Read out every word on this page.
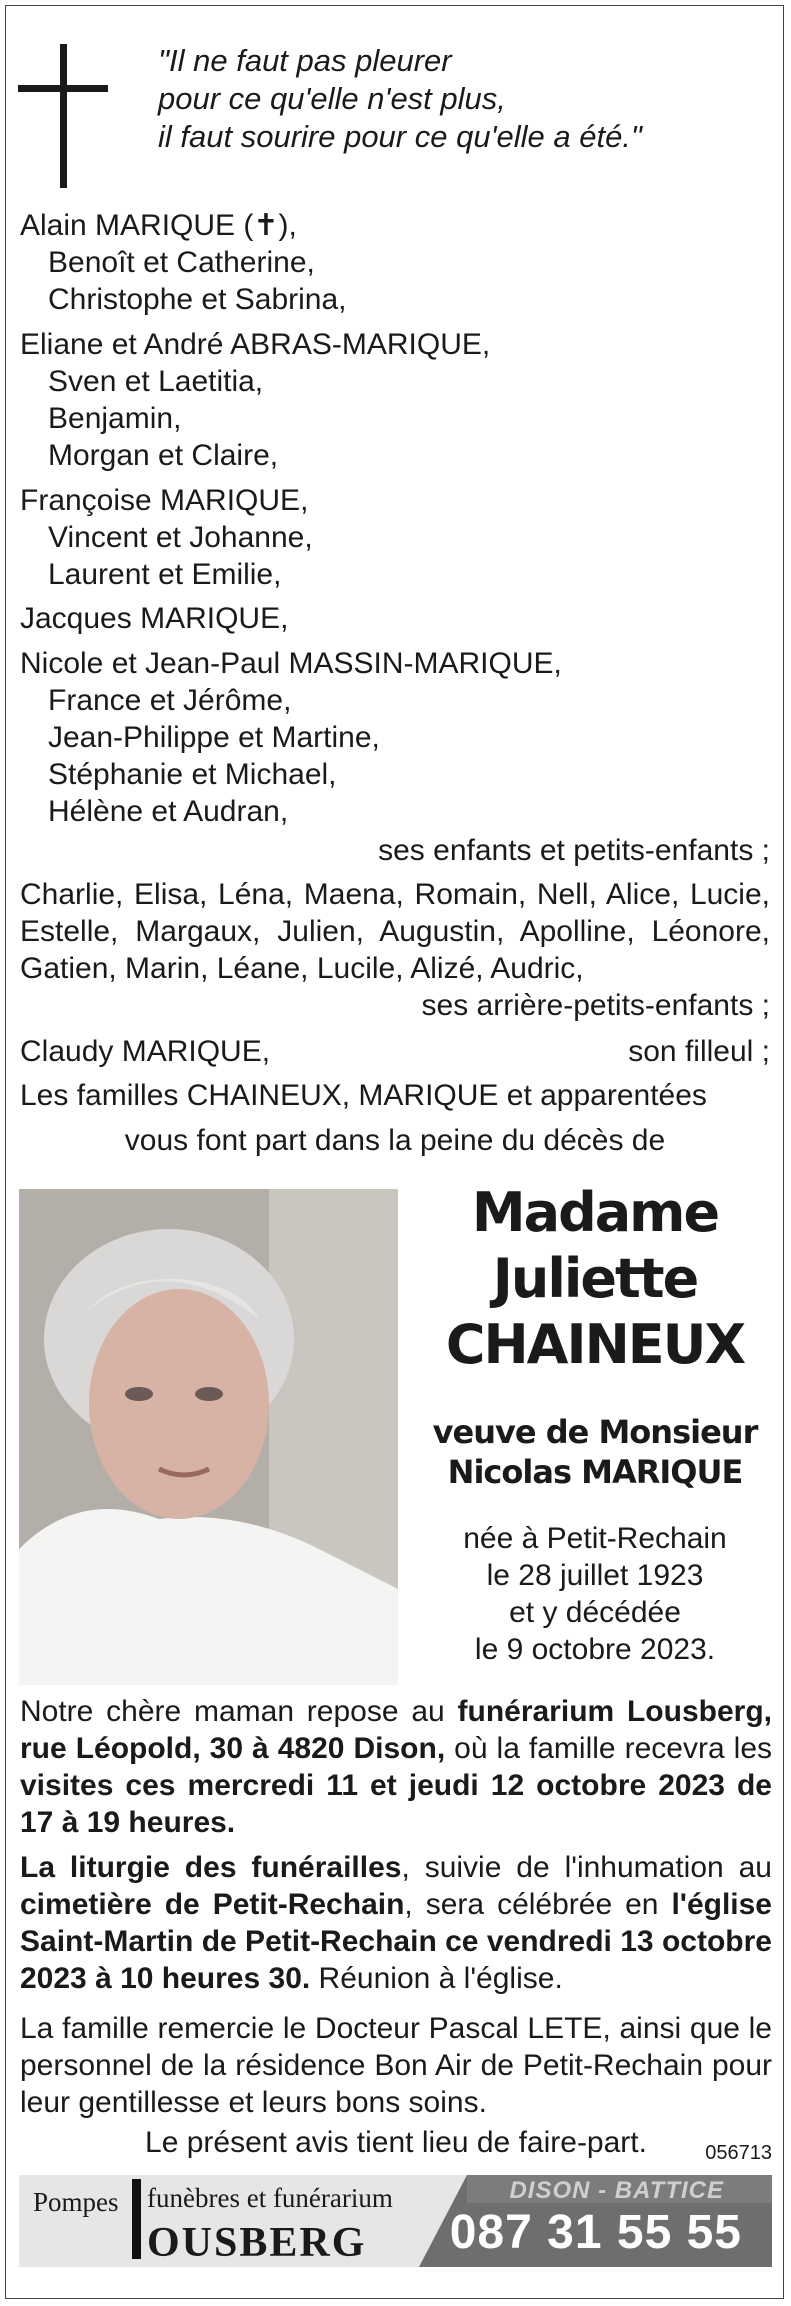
"Il ne faut pas pleurer
pour ce qu'elle n'est plus,
il faut sourire pour ce qu'elle a été."
Alain MARIQUE (✝),
Benoît et Catherine,
Christophe et Sabrina,
Eliane et André ABRAS-MARIQUE,
Sven et Laetitia,
Benjamin,
Morgan et Claire,
Françoise MARIQUE,
Vincent et Johanne,
Laurent et Emilie,
Jacques MARIQUE,
Nicole et Jean-Paul MASSIN-MARIQUE,
France et Jérôme,
Jean-Philippe et Martine,
Stéphanie et Michael,
Hélène et Audran,
ses enfants et petits-enfants ;
Charlie, Elisa, Léna, Maena, Romain, Nell, Alice, Lucie, Estelle, Margaux, Julien, Augustin, Apolline, Léonore, Gatien, Marin, Léane, Lucile, Alizé, Audric,
ses arrière-petits-enfants ;
Claudy MARIQUE,	son filleul ;
Les familles CHAINEUX, MARIQUE et apparentées
vous font part dans la peine du décès de
Madame
Juliette
CHAINEUX
veuve de Monsieur
Nicolas MARIQUE
née à Petit-Rechain
le 28 juillet 1923
et y décédée
le 9 octobre 2023.
Notre chère maman repose au funérarium Lousberg, rue Léopold, 30 à 4820 Dison, où la famille recevra les visites ces mercredi 11 et jeudi 12 octobre 2023 de 17 à 19 heures.
La liturgie des funérailles, suivie de l'inhumation au cimetière de Petit-Rechain, sera célébrée en l'église Saint-Martin de Petit-Rechain ce vendredi 13 octobre 2023 à 10 heures 30. Réunion à l'église.
La famille remercie le Docteur Pascal LETE, ainsi que le personnel de la résidence Bon Air de Petit-Rechain pour leur gentillesse et leurs bons soins.
Le présent avis tient lieu de faire-part.	056713
Pompes funèbres et funérarium
OUSBERG
DISON - BATTICE
087 31 55 55
